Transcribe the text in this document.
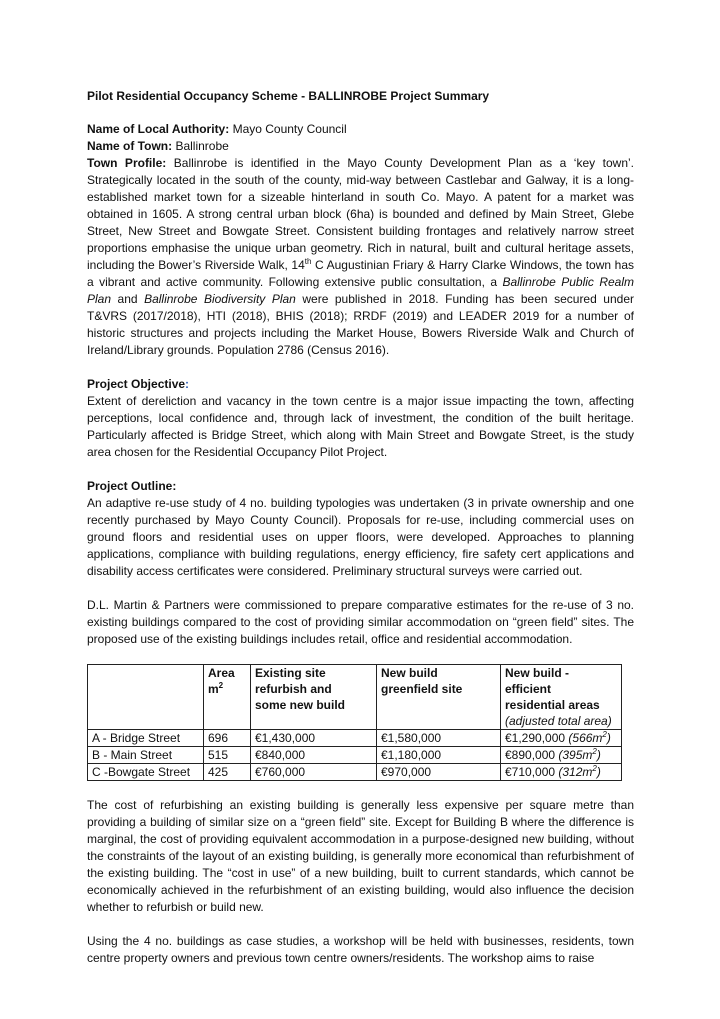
Pilot Residential Occupancy Scheme - BALLINROBE Project Summary

Name of Local Authority: Mayo County Council

Name of Town: Ballinrobe

Town Profile: Ballinrobe is identified in the Mayo County Development Plan as a ‘key town’. Strategically located in the south of the county, mid-way between Castlebar and Galway, it is a long-established market town for a sizeable hinterland in south Co. Mayo. A patent for a market was obtained in 1605. A strong central urban block (6ha) is bounded and defined by Main Street, Glebe Street, New Street and Bowgate Street. Consistent building frontages and relatively narrow street proportions emphasise the unique urban geometry. Rich in natural, built and cultural heritage assets, including the Bower’s Riverside Walk, 14th C Augustinian Friary & Harry Clarke Windows, the town has a vibrant and active community. Following extensive public consultation, a Ballinrobe Public Realm Plan and Ballinrobe Biodiversity Plan were published in 2018. Funding has been secured under T&VRS (2017/2018), HTI (2018), BHIS (2018); RRDF (2019) and LEADER 2019 for a number of historic structures and projects including the Market House, Bowers Riverside Walk and Church of Ireland/Library grounds. Population 2786 (Census 2016).

Project Objective:

Extent of dereliction and vacancy in the town centre is a major issue impacting the town, affecting perceptions, local confidence and, through lack of investment, the condition of the built heritage. Particularly affected is Bridge Street, which along with Main Street and Bowgate Street, is the study area chosen for the Residential Occupancy Pilot Project.

Project Outline:

An adaptive re-use study of 4 no. building typologies was undertaken (3 in private ownership and one recently purchased by Mayo County Council). Proposals for re-use, including commercial uses on ground floors and residential uses on upper floors, were developed. Approaches to planning applications, compliance with building regulations, energy efficiency, fire safety cert applications and disability access certificates were considered. Preliminary structural surveys were carried out.

D.L. Martin & Partners were commissioned to prepare comparative estimates for the re-use of 3 no. existing buildings compared to the cost of providing similar accommodation on “green field” sites. The proposed use of the existing buildings includes retail, office and residential accommodation.

	Area
$m^2$	Existing site
refurbish and
some new build	New build
greenfield site	New build - efficient
residential areas
(adjusted total area)
A - Bridge Street	696	€1,430,000	€1,580,000	€1,290,000 $(566m^2)$
B - Main Street	515	€840,000	€1,180,000	€890,000 $(395m^2)$
C -Bowgate Street	425	€760,000	€970,000	€710,000 $(312m^2)$

The cost of refurbishing an existing building is generally less expensive per square metre than providing a building of similar size on a “green field” site. Except for Building B where the difference is marginal, the cost of providing equivalent accommodation in a purpose-designed new building, without the constraints of the layout of an existing building, is generally more economical than refurbishment of the existing building. The “cost in use” of a new building, built to current standards, which cannot be economically achieved in the refurbishment of an existing building, would also influence the decision whether to refurbish or build new.

Using the 4 no. buildings as case studies, a workshop will be held with businesses, residents, town centre property owners and previous town centre owners/residents. The workshop aims to raise
